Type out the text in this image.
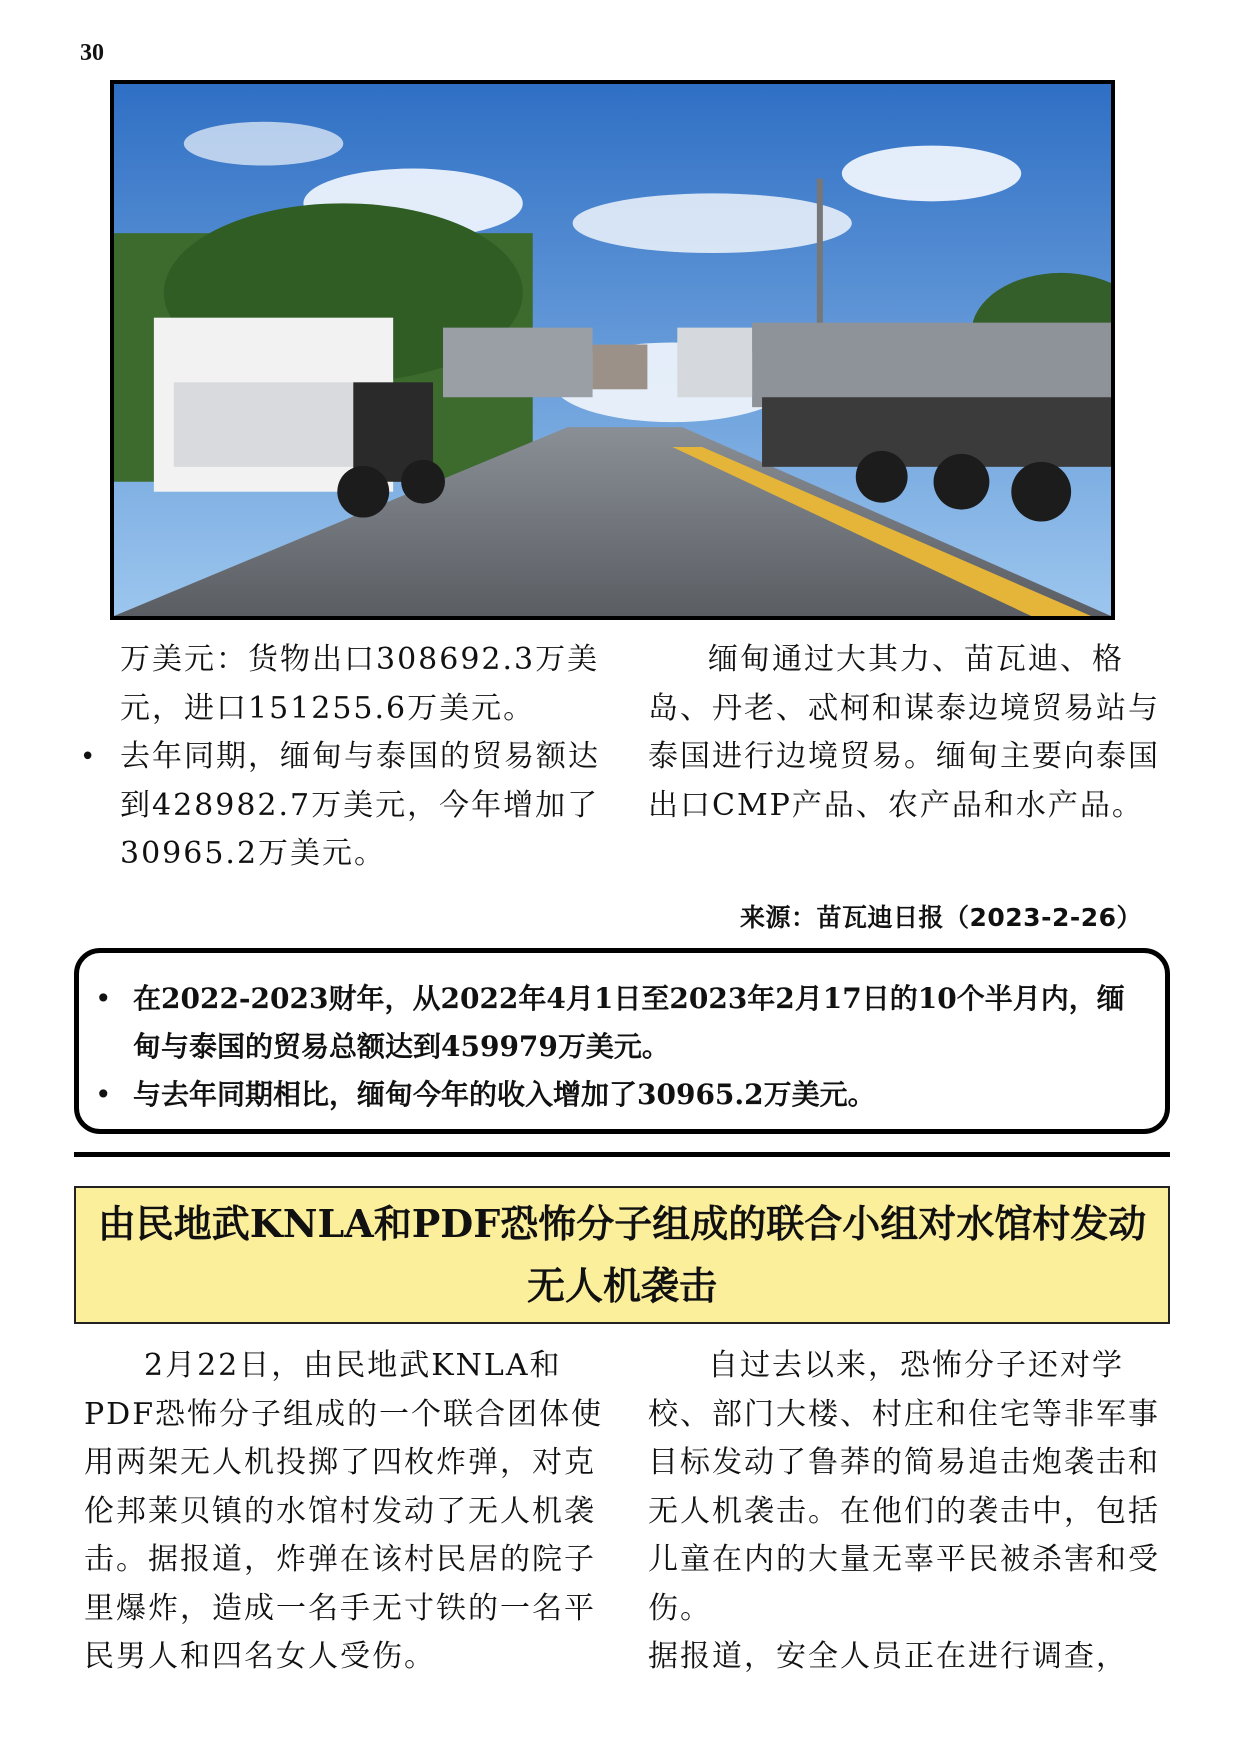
30

万美元：货物出口308692.3万美元，进口151255.6万美元。

• 去年同期，缅甸与泰国的贸易额达到428982.7万美元，今年增加了30965.2万美元。

缅甸通过大其力、苗瓦迪、格岛、丹老、忒柯和谋泰边境贸易站与泰国进行边境贸易。缅甸主要向泰国出口CMP产品、农产品和水产品。

来源：苗瓦迪日报（2023-2-26）
• 在2022-2023财年，从2022年4月1日至2023年2月17日的10个半月内，缅甸与泰国的贸易总额达到459979万美元。
• 与去年同期相比，缅甸今年的收入增加了30965.2万美元。
由民地武KNLA和PDF恐怖分子组成的联合小组对水馆村发动无人机袭击

2月22日，由民地武KNLA和PDF恐怖分子组成的一个联合团体使用两架无人机投掷了四枚炸弹，对克伦邦莱贝镇的水馆村发动了无人机袭击。据报道，炸弹在该村民居的院子里爆炸，造成一名手无寸铁的一名平民男人和四名女人受伤。

自过去以来，恐怖分子还对学校、部门大楼、村庄和住宅等非军事目标发动了鲁莽的简易追击炮袭击和无人机袭击。在他们的袭击中，包括儿童在内的大量无辜平民被杀害和受伤。

据报道，安全人员正在进行调查，
